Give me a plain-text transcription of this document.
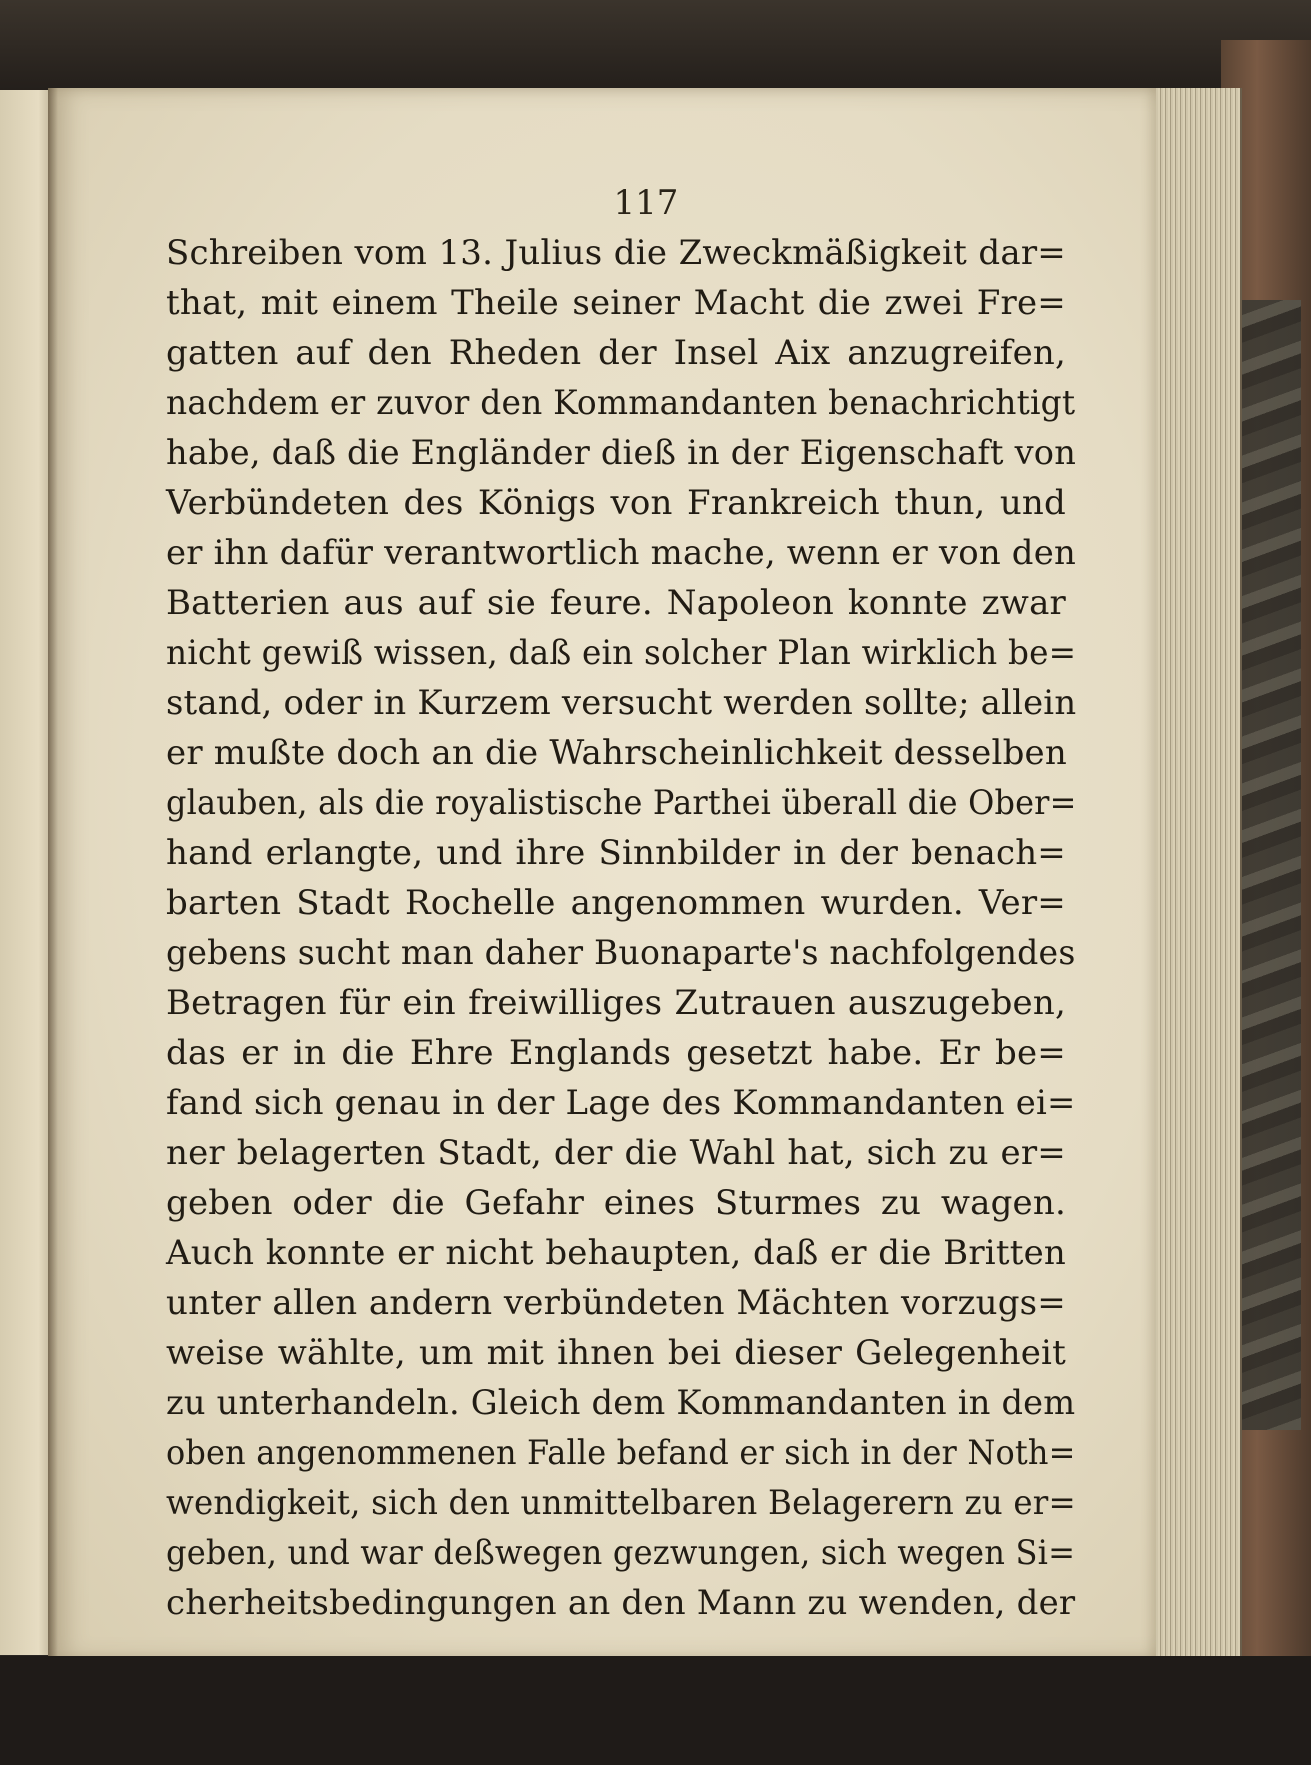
117
Schreiben vom 13. Julius die Zweckmäßigkeit dar=
that, mit einem Theile seiner Macht die zwei Fre=
gatten auf den Rheden der Insel Aix anzugreifen,
nachdem er zuvor den Kommandanten benachrichtigt
habe, daß die Engländer dieß in der Eigenschaft von
Verbündeten des Königs von Frankreich thun, und
er ihn dafür verantwortlich mache, wenn er von den
Batterien aus auf sie feure. Napoleon konnte zwar
nicht gewiß wissen, daß ein solcher Plan wirklich be=
stand, oder in Kurzem versucht werden sollte; allein
er mußte doch an die Wahrscheinlichkeit desselben
glauben, als die royalistische Parthei überall die Ober=
hand erlangte, und ihre Sinnbilder in der benach=
barten Stadt Rochelle angenommen wurden. Ver=
gebens sucht man daher Buonaparte's nachfolgendes
Betragen für ein freiwilliges Zutrauen auszugeben,
das er in die Ehre Englands gesetzt habe. Er be=
fand sich genau in der Lage des Kommandanten ei=
ner belagerten Stadt, der die Wahl hat, sich zu er=
geben oder die Gefahr eines Sturmes zu wagen.
Auch konnte er nicht behaupten, daß er die Britten
unter allen andern verbündeten Mächten vorzugs=
weise wählte, um mit ihnen bei dieser Gelegenheit
zu unterhandeln. Gleich dem Kommandanten in dem
oben angenommenen Falle befand er sich in der Noth=
wendigkeit, sich den unmittelbaren Belagerern zu er=
geben, und war deßwegen gezwungen, sich wegen Si=
cherheitsbedingungen an den Mann zu wenden, der
